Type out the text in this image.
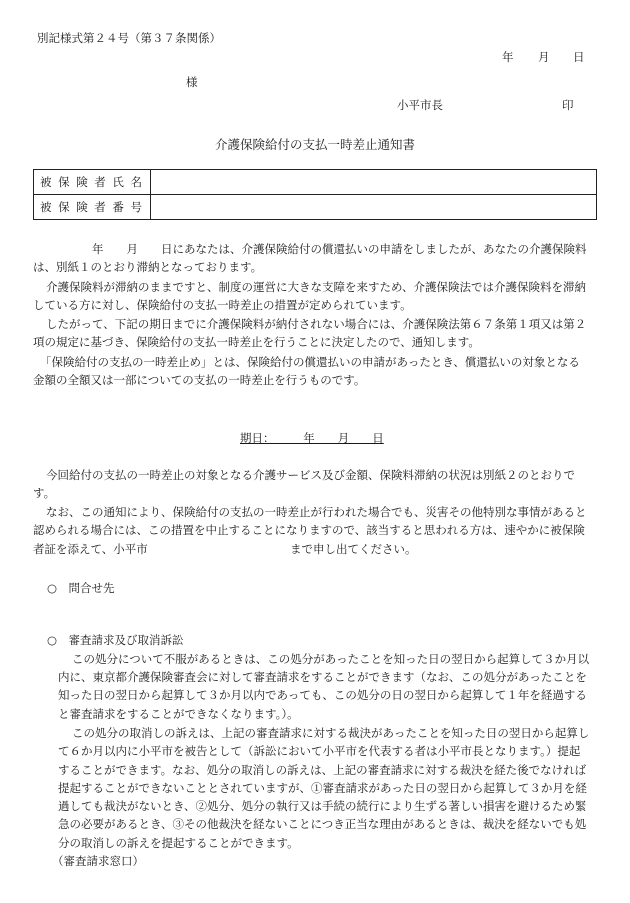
別記様式第２４号（第３７条関係）
年 月 日
様
小平市長	印
介護保険給付の支払一時差止通知書
被保険者氏名	
被保険者番号	
年　　月　　日にあなたは、介護保険給付の償還払いの申請をしましたが、あなたの介護保険料
は、別紙１のとおり滞納となっております。
介護保険料が滞納のままですと、制度の運営に大きな支障を来すため、介護保険法では介護保険料を滞納
している方に対し、保険給付の支払一時差止の措置が定められています。
したがって、下記の期日までに介護保険料が納付されない場合には、介護保険法第６７条第１項又は第２
項の規定に基づき、保険給付の支払一時差止を行うことに決定したので、通知します。
「保険給付の支払の一時差止め」とは、保険給付の償還払いの申請があったとき、償還払いの対象となる
金額の全額又は一部についての支払の一時差止を行うものです。
期日：　　　年　　月　　日
今回給付の支払の一時差止の対象となる介護サービス及び金額、保険料滞納の状況は別紙２のとおりで
す。
なお、この通知により、保険給付の支払の一時差止が行われた場合でも、災害その他特別な事情があると
認められる場合には、この措置を中止することになりますので、該当すると思われる方は、速やかに被保険
者証を添えて、小平市	まで申し出てください。
○　問合せ先
○　審査請求及び取消訴訟
この処分について不服があるときは、この処分があったことを知った日の翌日から起算して３か月以
内に、東京都介護保険審査会に対して審査請求をすることができます（なお、この処分があったことを
知った日の翌日から起算して３か月以内であっても、この処分の日の翌日から起算して１年を経過する
と審査請求をすることができなくなります。）。
この処分の取消しの訴えは、上記の審査請求に対する裁決があったことを知った日の翌日から起算し
て６か月以内に小平市を被告として（訴訟において小平市を代表する者は小平市長となります。）提起
することができます。なお、処分の取消しの訴えは、上記の審査請求に対する裁決を経た後でなければ
提起することができないこととされていますが、①審査請求があった日の翌日から起算して３か月を経
過しても裁決がないとき、②処分、処分の執行又は手続の続行により生ずる著しい損害を避けるため緊
急の必要があるとき、③その他裁決を経ないことにつき正当な理由があるときは、裁決を経ないでも処
分の取消しの訴えを提起することができます。
（審査請求窓口）
